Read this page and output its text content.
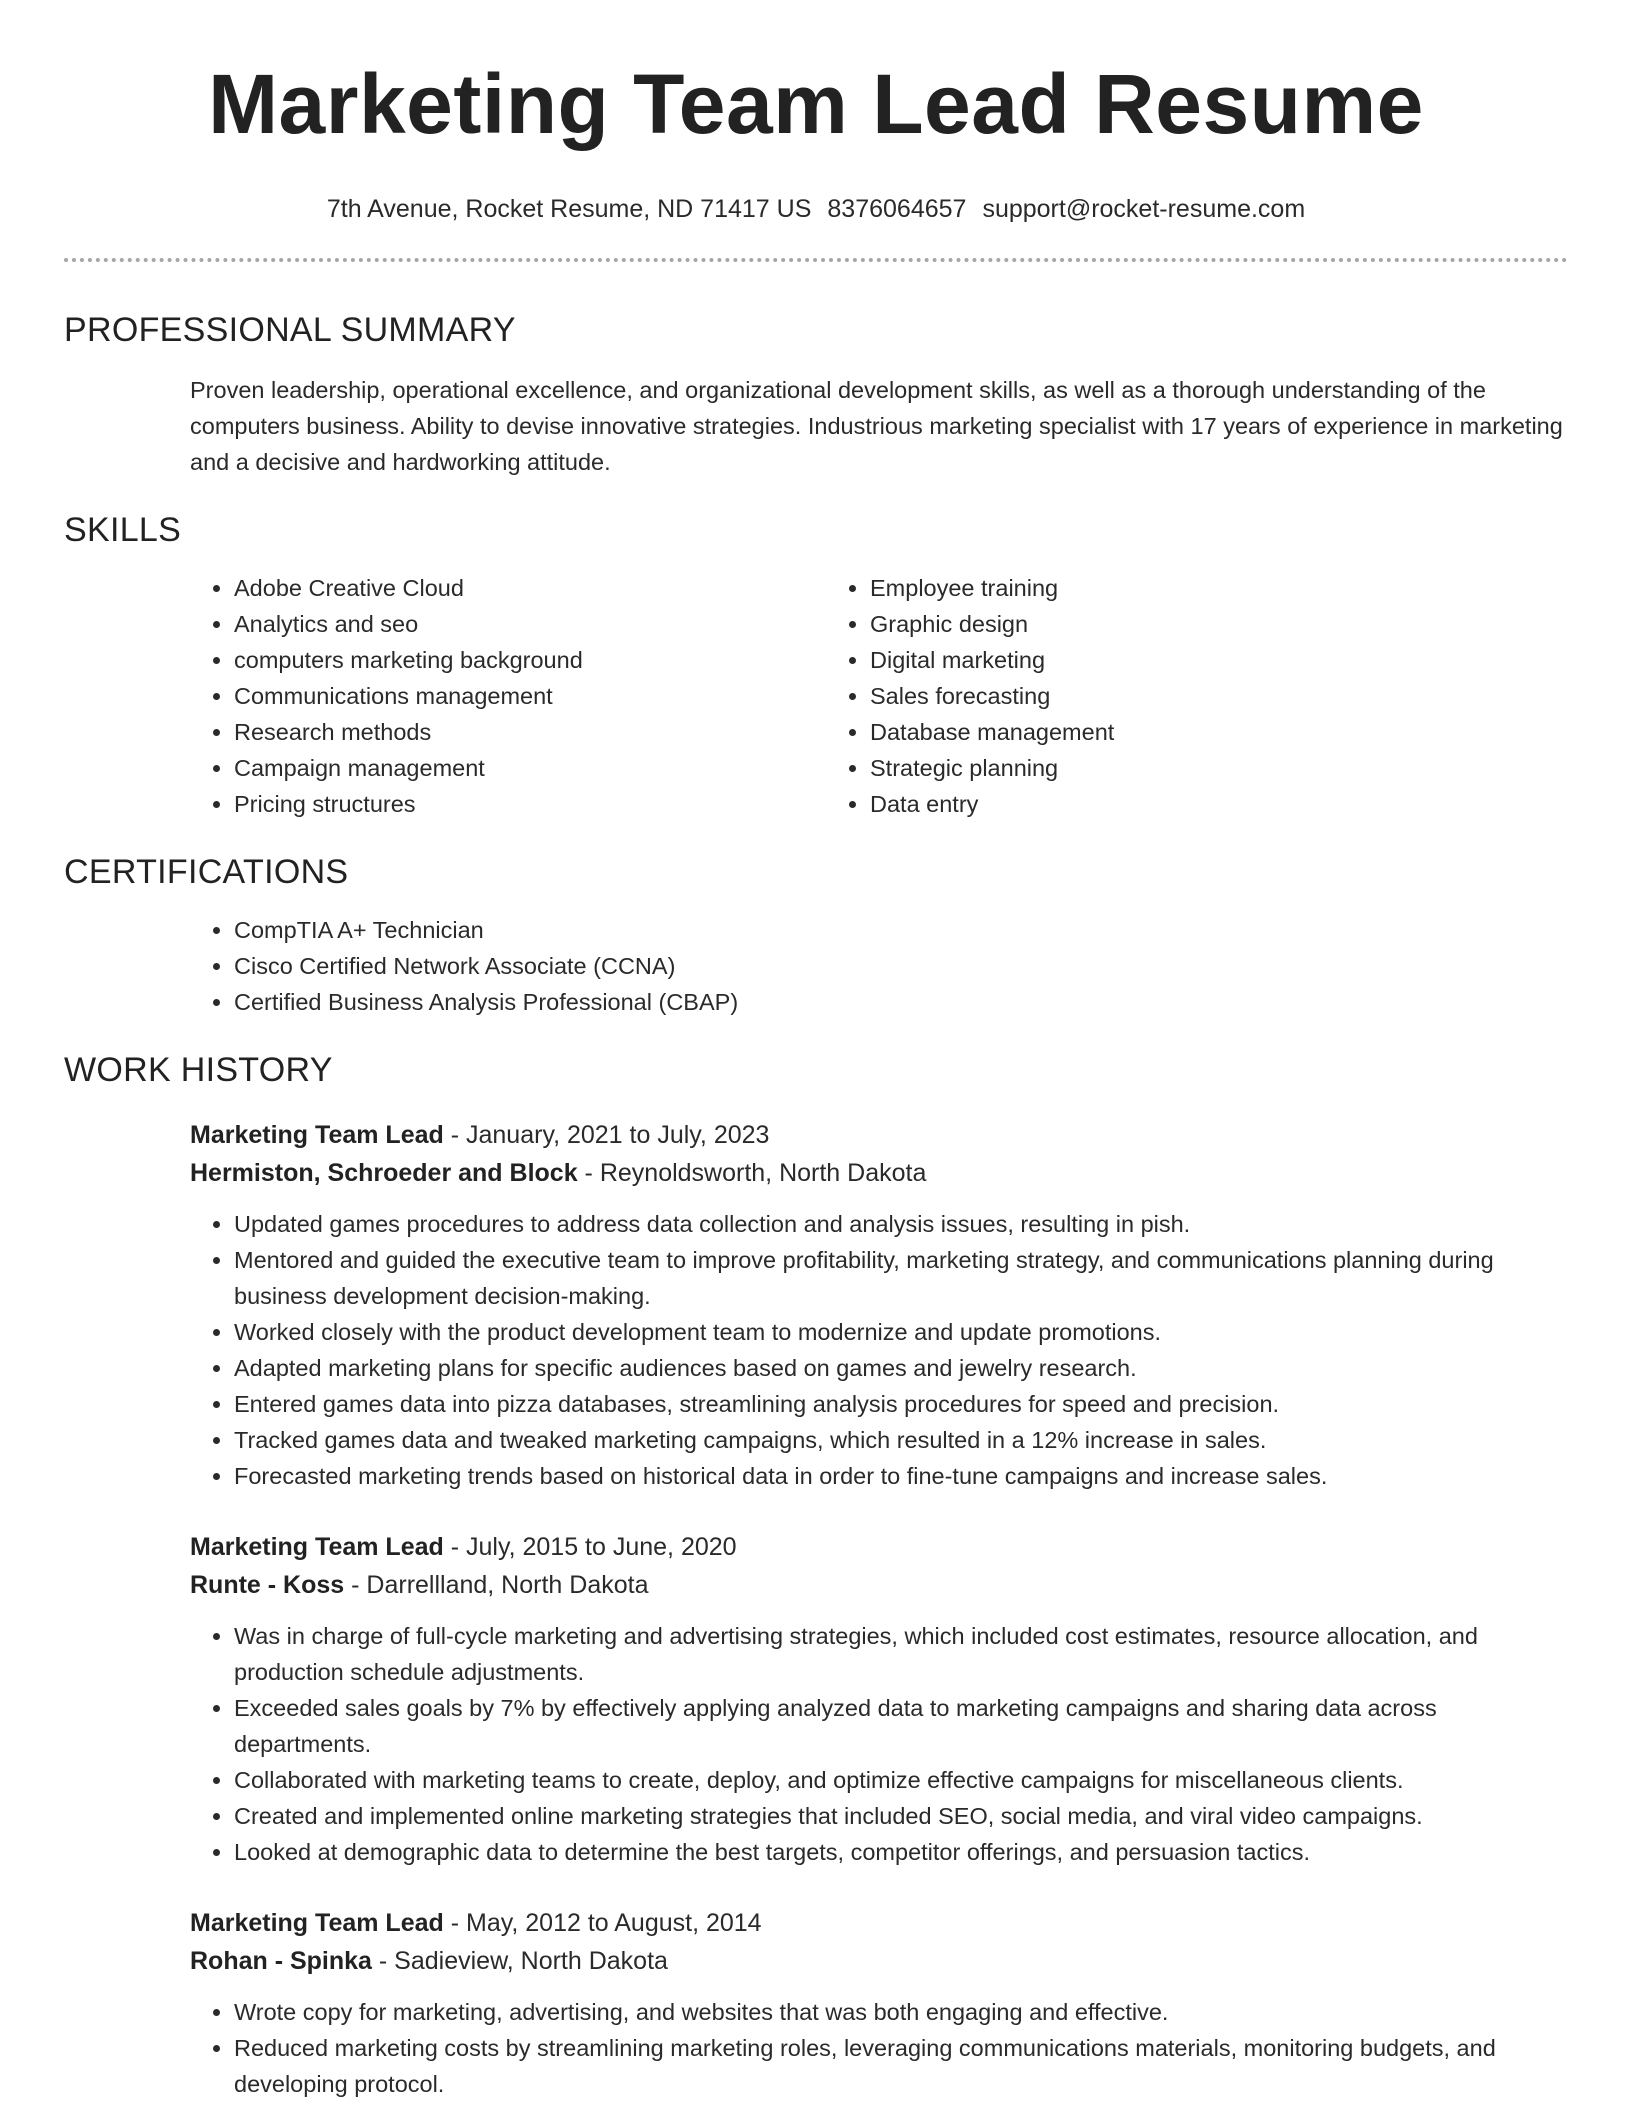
Marketing Team Lead Resume
7th Avenue, Rocket Resume, ND 71417 US 8376064657 support@rocket-resume.com
PROFESSIONAL SUMMARY

Proven leadership, operational excellence, and organizational development skills, as well as a thorough understanding of the computers business. Ability to devise innovative strategies. Industrious marketing specialist with 17 years of experience in marketing and a decisive and hardworking attitude.

SKILLS
• Adobe Creative Cloud
• Analytics and seo
• computers marketing background
• Communications management
• Research methods
• Campaign management
• Pricing structures
• Employee training
• Graphic design
• Digital marketing
• Sales forecasting
• Database management
• Strategic planning
• Data entry
CERTIFICATIONS
• CompTIA A+ Technician
• Cisco Certified Network Associate (CCNA)
• Certified Business Analysis Professional (CBAP)
WORK HISTORY
Marketing Team Lead - January, 2021 to July, 2023
Hermiston, Schroeder and Block - Reynoldsworth, North Dakota
• Updated games procedures to address data collection and analysis issues, resulting in pish.
• Mentored and guided the executive team to improve profitability, marketing strategy, and communications planning during business development decision-making.
• Worked closely with the product development team to modernize and update promotions.
• Adapted marketing plans for specific audiences based on games and jewelry research.
• Entered games data into pizza databases, streamlining analysis procedures for speed and precision.
• Tracked games data and tweaked marketing campaigns, which resulted in a 12% increase in sales.
• Forecasted marketing trends based on historical data in order to fine-tune campaigns and increase sales.
Marketing Team Lead - July, 2015 to June, 2020
Runte - Koss - Darrellland, North Dakota
• Was in charge of full-cycle marketing and advertising strategies, which included cost estimates, resource allocation, and production schedule adjustments.
• Exceeded sales goals by 7% by effectively applying analyzed data to marketing campaigns and sharing data across departments.
• Collaborated with marketing teams to create, deploy, and optimize effective campaigns for miscellaneous clients.
• Created and implemented online marketing strategies that included SEO, social media, and viral video campaigns.
• Looked at demographic data to determine the best targets, competitor offerings, and persuasion tactics.
Marketing Team Lead - May, 2012 to August, 2014
Rohan - Spinka - Sadieview, North Dakota
• Wrote copy for marketing, advertising, and websites that was both engaging and effective.
• Reduced marketing costs by streamlining marketing roles, leveraging communications materials, monitoring budgets, and developing protocol.
